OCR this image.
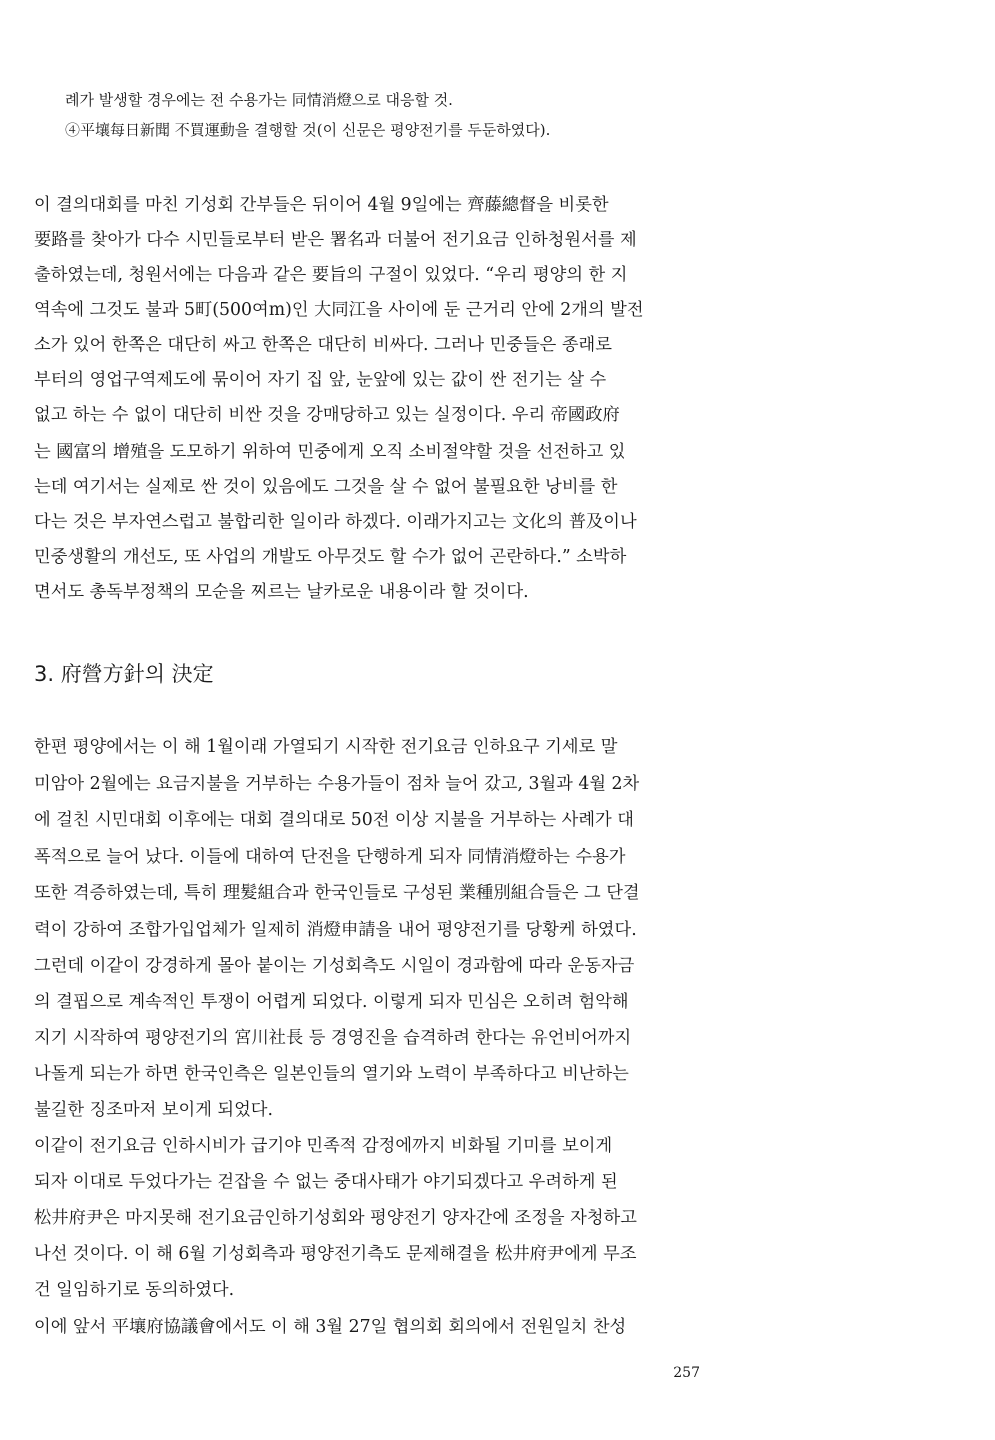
례가 발생할 경우에는 전 수용가는 同情消燈으로 대응할 것.
④平壤每日新聞 不買運動을 결행할 것(이 신문은 평양전기를 두둔하였다).
이 결의대회를 마친 기성회 간부들은 뒤이어 4월 9일에는 齊藤總督을 비롯한
要路를 찾아가 다수 시민들로부터 받은 署名과 더불어 전기요금 인하청원서를 제
출하였는데, 청원서에는 다음과 같은 要旨의 구절이 있었다. “우리 평양의 한 지
역속에 그것도 불과 5町(500여m)인 大同江을 사이에 둔 근거리 안에 2개의 발전
소가 있어 한쪽은 대단히 싸고 한쪽은 대단히 비싸다. 그러나 민중들은 종래로
부터의 영업구역제도에 묶이어 자기 집 앞, 눈앞에 있는 값이 싼 전기는 살 수
없고 하는 수 없이 대단히 비싼 것을 강매당하고 있는 실정이다. 우리 帝國政府
는 國富의 增殖을 도모하기 위하여 민중에게 오직 소비절약할 것을 선전하고 있
는데 여기서는 실제로 싼 것이 있음에도 그것을 살 수 없어 불필요한 낭비를 한
다는 것은 부자연스럽고 불합리한 일이라 하겠다. 이래가지고는 文化의 普及이나
민중생활의 개선도, 또 사업의 개발도 아무것도 할 수가 없어 곤란하다.” 소박하
면서도 총독부정책의 모순을 찌르는 날카로운 내용이라 할 것이다.
3. 府營方針의 決定
한편 평양에서는 이 해 1월이래 가열되기 시작한 전기요금 인하요구 기세로 말
미암아 2월에는 요금지불을 거부하는 수용가들이 점차 늘어 갔고, 3월과 4월 2차
에 걸친 시민대회 이후에는 대회 결의대로 50전 이상 지불을 거부하는 사례가 대
폭적으로 늘어 났다. 이들에 대하여 단전을 단행하게 되자 同情消燈하는 수용가
또한 격증하였는데, 특히 理髮組合과 한국인들로 구성된 業種別組合들은 그 단결
력이 강하여 조합가입업체가 일제히 消燈申請을 내어 평양전기를 당황케 하였다.
그런데 이같이 강경하게 몰아 붙이는 기성회측도 시일이 경과함에 따라 운동자금
의 결핍으로 계속적인 투쟁이 어렵게 되었다. 이렇게 되자 민심은 오히려 험악해
지기 시작하여 평양전기의 宮川社長 등 경영진을 습격하려 한다는 유언비어까지
나돌게 되는가 하면 한국인측은 일본인들의 열기와 노력이 부족하다고 비난하는
불길한 징조마저 보이게 되었다.
이같이 전기요금 인하시비가 급기야 민족적 감정에까지 비화될 기미를 보이게
되자 이대로 두었다가는 걷잡을 수 없는 중대사태가 야기되겠다고 우려하게 된
松井府尹은 마지못해 전기요금인하기성회와 평양전기 양자간에 조정을 자청하고
나선 것이다. 이 해 6월 기성회측과 평양전기측도 문제해결을 松井府尹에게 무조
건 일임하기로 동의하였다.
이에 앞서 平壤府協議會에서도 이 해 3월 27일 협의회 회의에서 전원일치 찬성
257
